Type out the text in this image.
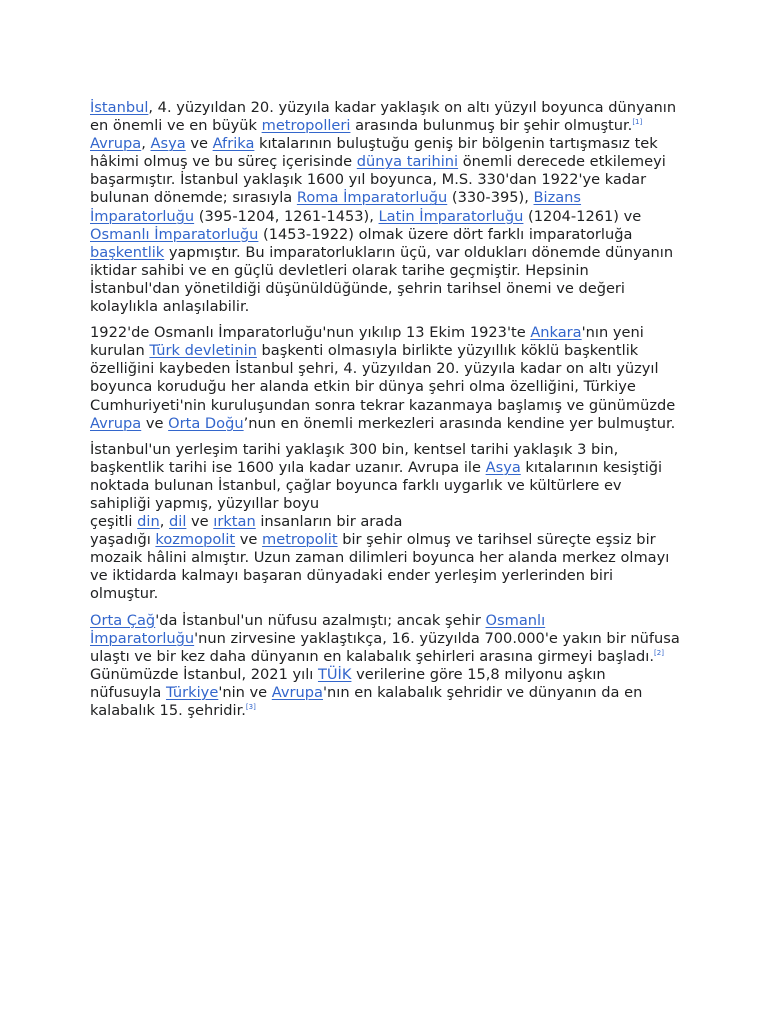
İstanbul, 4. yüzyıldan 20. yüzyıla kadar yaklaşık on altı yüzyıl boyunca dünyanın en önemli ve en büyük metropolleri arasında bulunmuş bir şehir olmuştur.[1] Avrupa, Asya ve Afrika kıtalarının buluştuğu geniş bir bölgenin tartışmasız tek hâkimi olmuş ve bu süreç içerisinde dünya tarihini önemli derecede etkilemeyi başarmıştır. İstanbul yaklaşık 1600 yıl boyunca, M.S. 330'dan 1922'ye kadar bulunan dönemde; sırasıyla Roma İmparatorluğu (330-395), Bizans İmparatorluğu (395-1204, 1261-1453), Latin İmparatorluğu (1204-1261) ve Osmanlı İmparatorluğu (1453-1922) olmak üzere dört farklı imparatorluğa başkentlik yapmıştır. Bu imparatorlukların üçü, var oldukları dönemde dünyanın iktidar sahibi ve en güçlü devletleri olarak tarihe geçmiştir. Hepsinin İstanbul'dan yönetildiği düşünüldüğünde, şehrin tarihsel önemi ve değeri kolaylıkla anlaşılabilir.

1922'de Osmanlı İmparatorluğu'nun yıkılıp 13 Ekim 1923'te Ankara'nın yeni kurulan Türk devletinin başkenti olmasıyla birlikte yüzyıllık köklü başkentlik özelliğini kaybeden İstanbul şehri, 4. yüzyıldan 20. yüzyıla kadar on altı yüzyıl boyunca koruduğu her alanda etkin bir dünya şehri olma özelliğini, Türkiye Cumhuriyeti'nin kuruluşundan sonra tekrar kazanmaya başlamış ve günümüzde Avrupa ve Orta Doğu’nun en önemli merkezleri arasında kendine yer bulmuştur.

İstanbul'un yerleşim tarihi yaklaşık 300 bin, kentsel tarihi yaklaşık 3 bin, başkentlik tarihi ise 1600 yıla kadar uzanır. Avrupa ile Asya kıtalarının kesiştiği noktada bulunan İstanbul, çağlar boyunca farklı uygarlık ve kültürlere ev sahipliği yapmış, yüzyıllar boyu
çeşitli din, dil ve ırktan insanların bir arada
yaşadığı kozmopolit ve metropolit bir şehir olmuş ve tarihsel süreçte eşsiz bir mozaik hâlini almıştır. Uzun zaman dilimleri boyunca her alanda merkez olmayı ve iktidarda kalmayı başaran dünyadaki ender yerleşim yerlerinden biri olmuştur.

Orta Çağ'da İstanbul'un nüfusu azalmıştı; ancak şehir Osmanlı İmparatorluğu'nun zirvesine yaklaştıkça, 16. yüzyılda 700.000'e yakın bir nüfusa ulaştı ve bir kez daha dünyanın en kalabalık şehirleri arasına girmeyi başladı.[2] Günümüzde İstanbul, 2021 yılı TÜİK verilerine göre 15,8 milyonu aşkın nüfusuyla Türkiye'nin ve Avrupa'nın en kalabalık şehridir ve dünyanın da en kalabalık 15. şehridir.[3]
